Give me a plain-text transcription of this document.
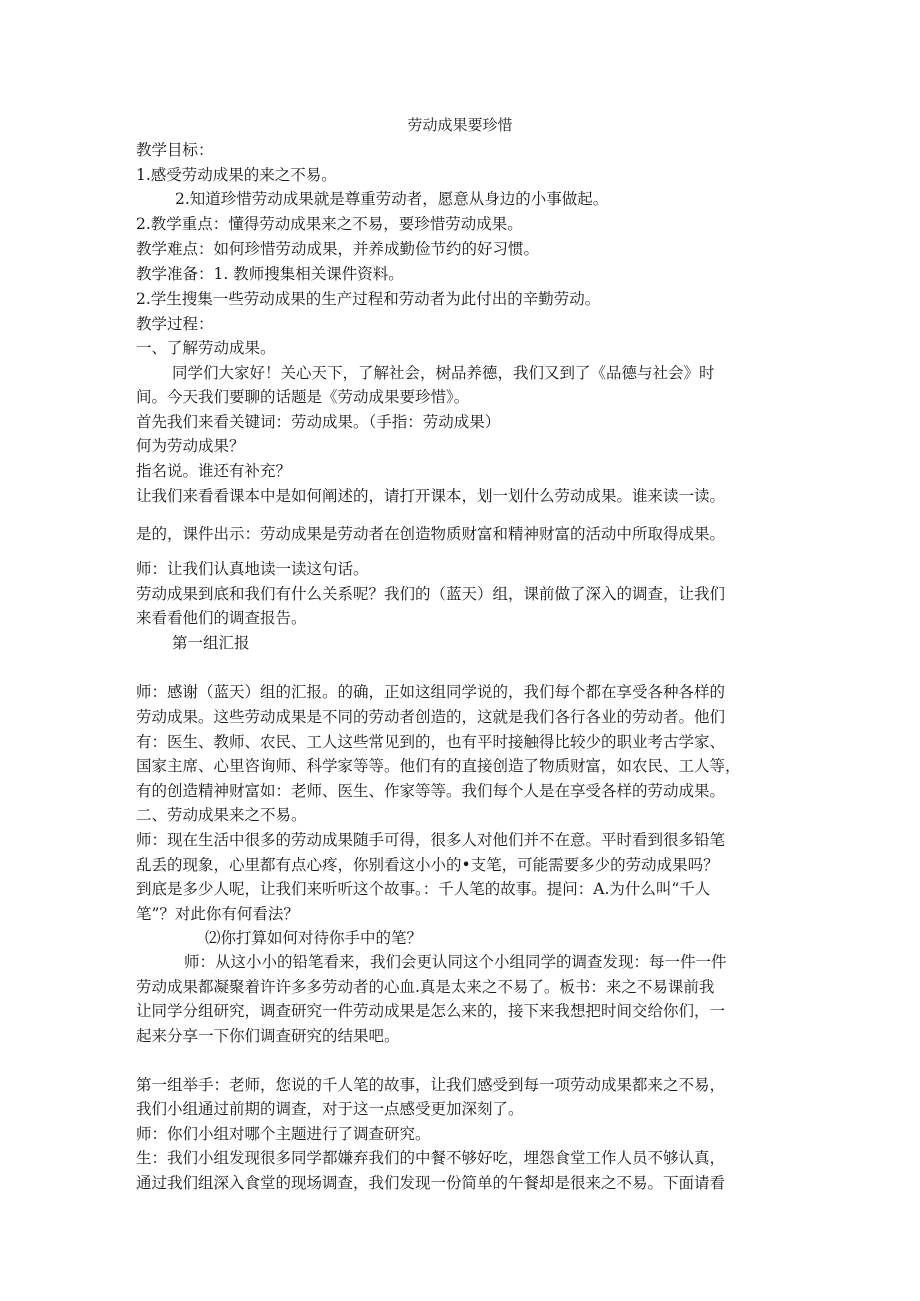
劳动成果要珍惜
教学目标：
1.感受劳动成果的来之不易。
2.知道珍惜劳动成果就是尊重劳动者，愿意从身边的小事做起。
2.教学重点：懂得劳动成果来之不易，要珍惜劳动成果。
教学难点：如何珍惜劳动成果，并养成勤俭节约的好习惯。
教学准备：1. 教师搜集相关课件资料。
2.学生搜集一些劳动成果的生产过程和劳动者为此付出的辛勤劳动。
教学过程：
一、了解劳动成果。
同学们大家好！关心天下，了解社会，树品养德，我们又到了《品德与社会》时
间。今天我们要聊的话题是《劳动成果要珍惜》。
首先我们来看关键词：劳动成果。（手指：劳动成果）
何为劳动成果？
指名说。谁还有补充？
让我们来看看课本中是如何阐述的，请打开课本，划一划什么劳动成果。谁来读一读。
是的，课件出示：劳动成果是劳动者在创造物质财富和精神财富的活动中所取得成果。
师：让我们认真地读一读这句话。
劳动成果到底和我们有什么关系呢？我们的（蓝天）组，课前做了深入的调查，让我们
来看看他们的调查报告。
第一组汇报
师：感谢（蓝天）组的汇报。的确，正如这组同学说的，我们每个都在享受各种各样的
劳动成果。这些劳动成果是不同的劳动者创造的，这就是我们各行各业的劳动者。他们
有：医生、教师、农民、工人这些常见到的，也有平时接触得比较少的职业考古学家、
国家主席、心里咨询师、科学家等等。他们有的直接创造了物质财富，如农民、工人等，
有的创造精神财富如：老师、医生、作家等等。我们每个人是在享受各样的劳动成果。
二、劳动成果来之不易。
师：现在生活中很多的劳动成果随手可得，很多人对他们并不在意。平时看到很多铅笔
乱丢的现象，心里都有点心疼，你别看这小小的•支笔，可能需要多少的劳动成果吗？
到底是多少人呢，让我们来听听这个故事。：千人笔的故事。提问：A.为什么叫“千人
笔”？对此你有何看法？
⑵你打算如何对待你手中的笔？
师：从这小小的铅笔看来，我们会更认同这个小组同学的调查发现：每一件一件
劳动成果都凝聚着许许多多劳动者的心血.真是太来之不易了。板书：来之不易课前我
让同学分组研究，调查研究一件劳动成果是怎么来的，接下来我想把时间交给你们，一
起来分享一下你们调查研究的结果吧。
第一组举手：老师，您说的千人笔的故事，让我们感受到每一项劳动成果都来之不易，
我们小组通过前期的调查，对于这一点感受更加深刻了。
师：你们小组对哪个主题进行了调查研究。
生：我们小组发现很多同学都嫌弃我们的中餐不够好吃，埋怨食堂工作人员不够认真，
通过我们组深入食堂的现场调查，我们发现一份简单的午餐却是很来之不易。下面请看
